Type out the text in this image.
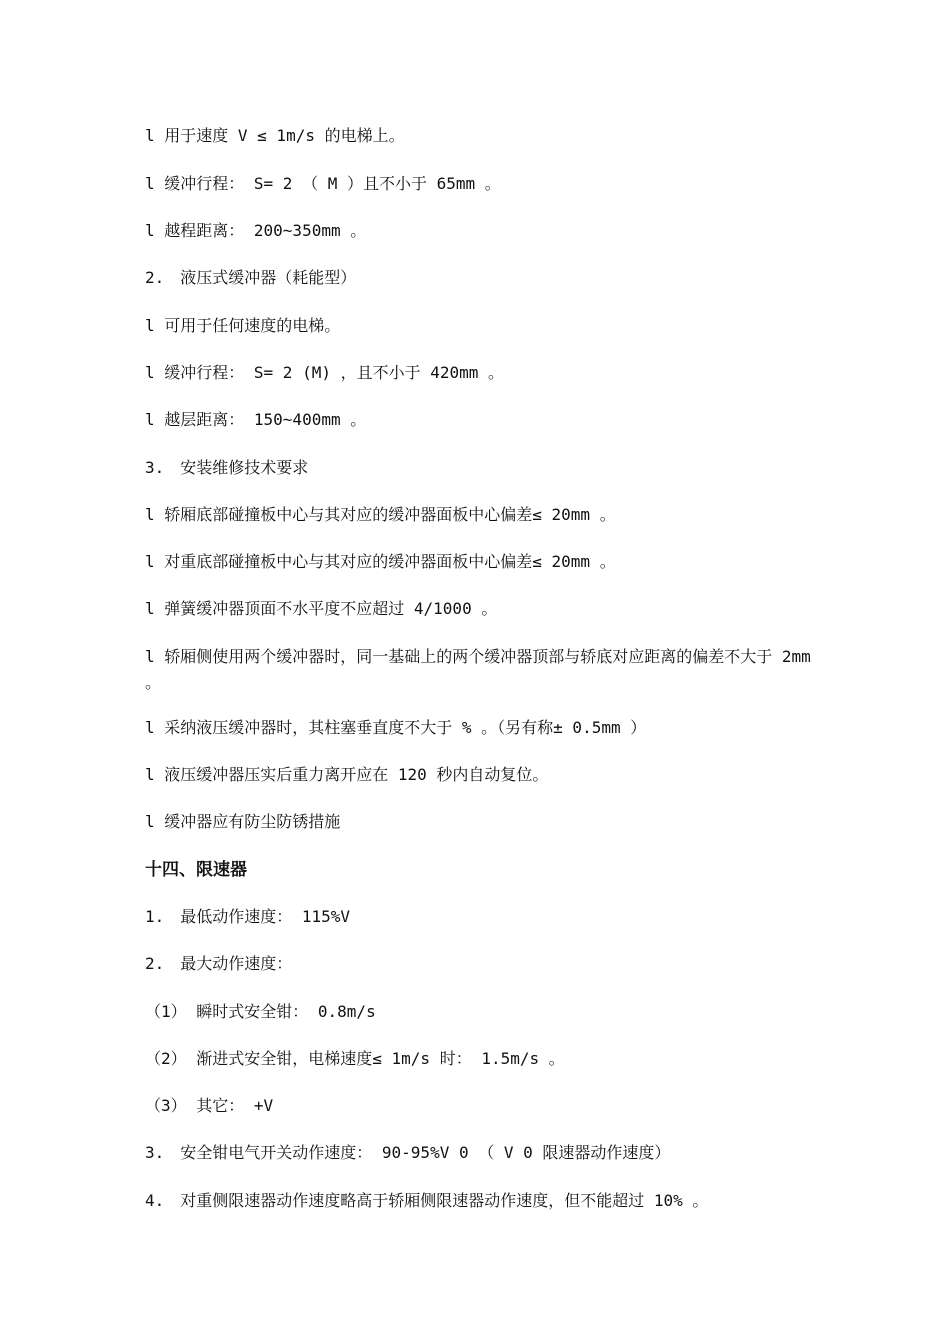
l 用于速度 V ≤ 1m/s 的电梯上。
l 缓冲行程： S= 2 （ M ）且不小于 65mm 。
l 越程距离： 200~350mm 。
2.　液压式缓冲器（耗能型）
l 可用于任何速度的电梯。
l 缓冲行程： S= 2 (M) ，且不小于 420mm 。
l 越层距离： 150~400mm 。
3.　安装维修技术要求
l 轿厢底部碰撞板中心与其对应的缓冲器面板中心偏差≤ 20mm 。
l 对重底部碰撞板中心与其对应的缓冲器面板中心偏差≤ 20mm 。
l 弹簧缓冲器顶面不水平度不应超过 4/1000 。
l 轿厢侧使用两个缓冲器时，同一基础上的两个缓冲器顶部与轿底对应距离的偏差不大于 2mm 。
l 采纳液压缓冲器时，其柱塞垂直度不大于 % 。（另有称± 0.5mm ）
l 液压缓冲器压实后重力离开应在 120 秒内自动复位。
l 缓冲器应有防尘防锈措施
十四、限速器
1.　最低动作速度： 115%V
2.　最大动作速度：
（1） 瞬时式安全钳： 0.8m/s
（2） 渐进式安全钳，电梯速度≤ 1m/s 时： 1.5m/s 。
（3） 其它： +V
3.　安全钳电气开关动作速度： 90-95%V 0 （ V 0 限速器动作速度）
4.　对重侧限速器动作速度略高于轿厢侧限速器动作速度，但不能超过 10% 。
